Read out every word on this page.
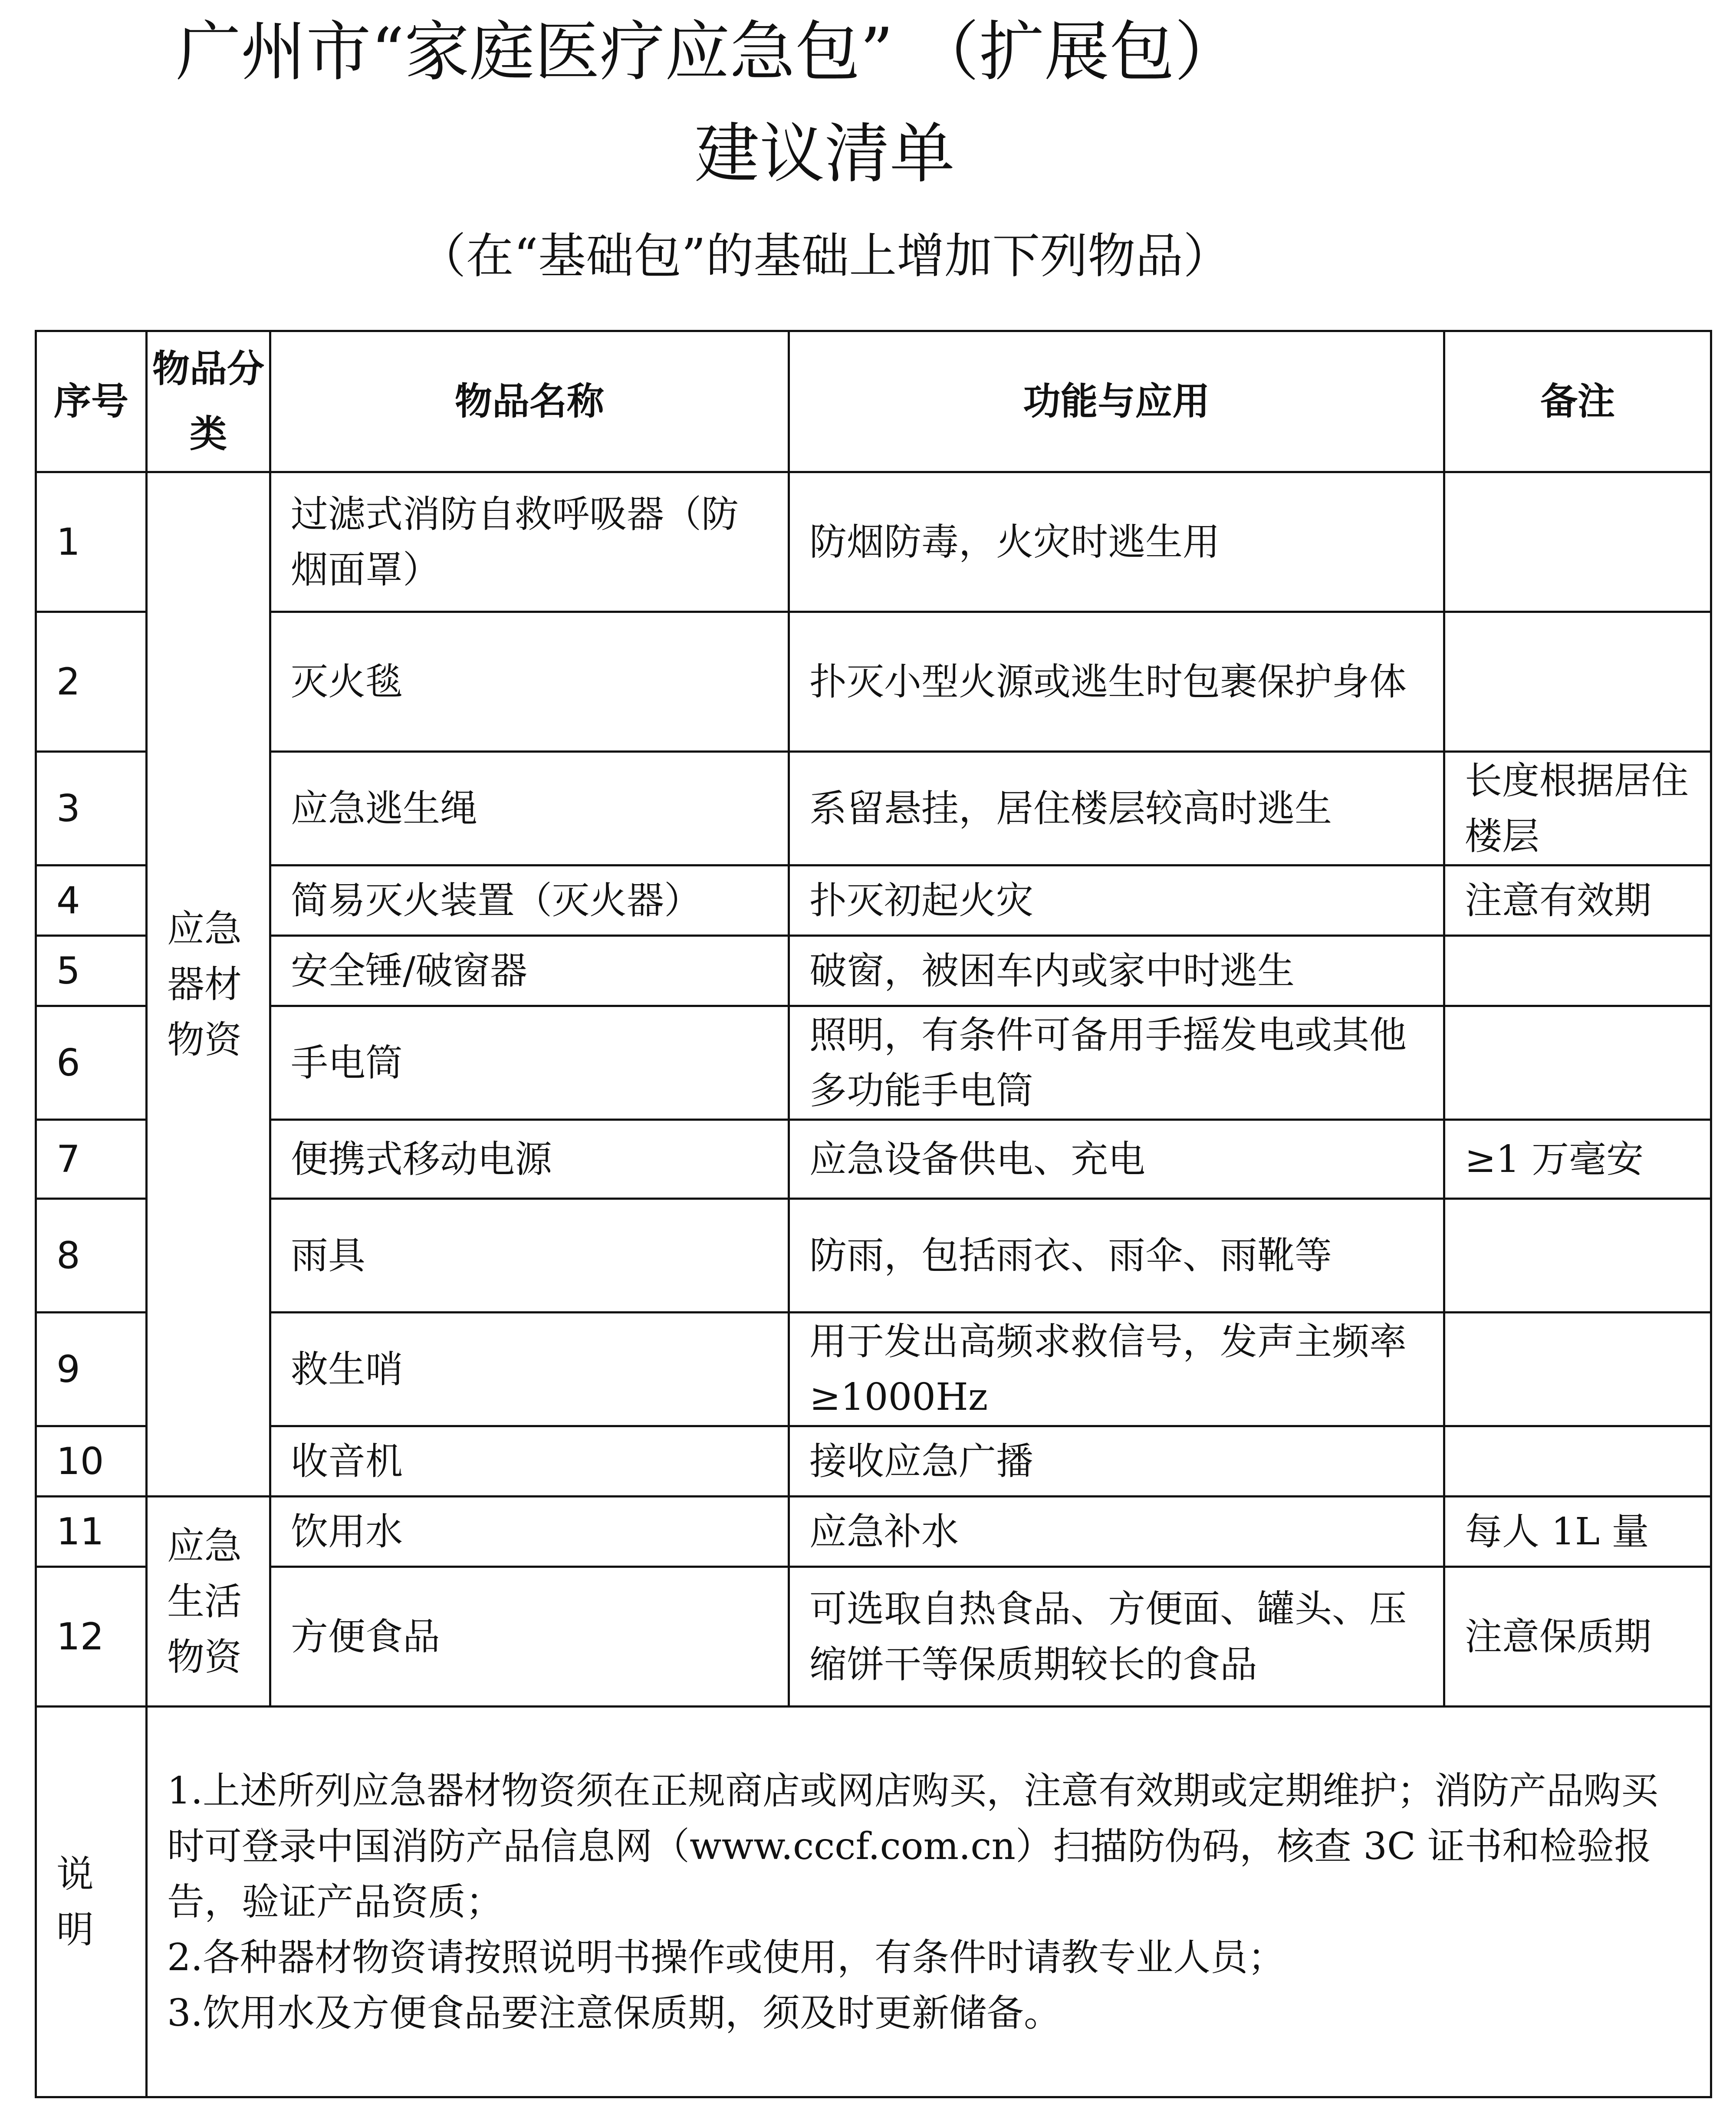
广州市“家庭医疗应急包” （扩展包）
建议清单
（在“基础包”的基础上增加下列物品）
序号	物品分类	物品名称	功能与应用	备注
1	应急器材物资	过滤式消防自救呼吸器（防烟面罩）	防烟防毒，火灾时逃生用	
2		灭火毯	扑灭小型火源或逃生时包裹保护身体	
3		应急逃生绳	系留悬挂，居住楼层较高时逃生	长度根据居住楼层
4		简易灭火装置（灭火器）	扑灭初起火灾	注意有效期
5		安全锤/破窗器	破窗，被困车内或家中时逃生	
6		手电筒	照明，有条件可备用手摇发电或其他多功能手电筒	
7		便携式移动电源	应急设备供电、充电	≥1 万毫安
8		雨具	防雨，包括雨衣、雨伞、雨靴等	
9		救生哨	用于发出高频求救信号，发声主频率≥1000Hz	
10		收音机	接收应急广播	
11	应急生活物资	饮用水	应急补水	每人 1L 量
12		方便食品	可选取自热食品、方便面、罐头、压缩饼干等保质期较长的食品	注意保质期
说明	1.上述所列应急器材物资须在正规商店或网店购买，注意有效期或定期维护；消防产品购买时可登录中国消防产品信息网（www.cccf.com.cn）扫描防伪码，核查 3C 证书和检验报告，验证产品资质；
2.各种器材物资请按照说明书操作或使用，有条件时请教专业人员；
3.饮用水及方便食品要注意保质期，须及时更新储备。			
